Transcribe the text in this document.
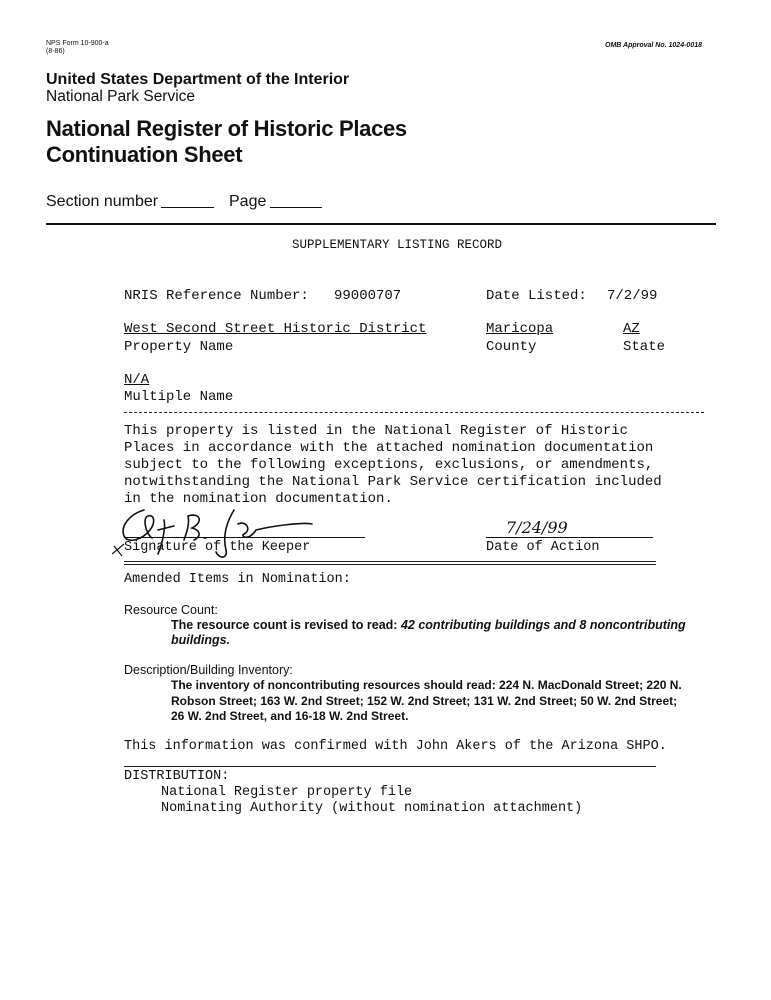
NPS Form 10-900-a
(8-86)
OMB Approval No. 1024-0018
United States Department of the Interior
National Park Service
National Register of Historic Places
Continuation Sheet
Section number	Page
SUPPLEMENTARY LISTING RECORD
NRIS Reference Number: 99000707	Date Listed: 7/2/99
West Second Street Historic District
Property Name
Maricopa
County
AZ
State
N/A
Multiple Name
This property is listed in the National Register of Historic
Places in accordance with the attached nomination documentation
subject to the following exceptions, exclusions, or amendments,
notwithstanding the National Park Service certification included
in the nomination documentation.
Signature of the Keeper
7/24/99
Date of Action
Amended Items in Nomination:
Resource Count:
The resource count is revised to read: 42 contributing buildings and 8 noncontributing
buildings.
Description/Building Inventory:
The inventory of noncontributing resources should read: 224 N. MacDonald Street; 220 N.
Robson Street; 163 W. 2nd Street; 152 W. 2nd Street; 131 W. 2nd Street; 50 W. 2nd Street;
26 W. 2nd Street, and 16-18 W. 2nd Street.
This information was confirmed with John Akers of the Arizona SHPO.
DISTRIBUTION:
National Register property file
Nominating Authority (without nomination attachment)
